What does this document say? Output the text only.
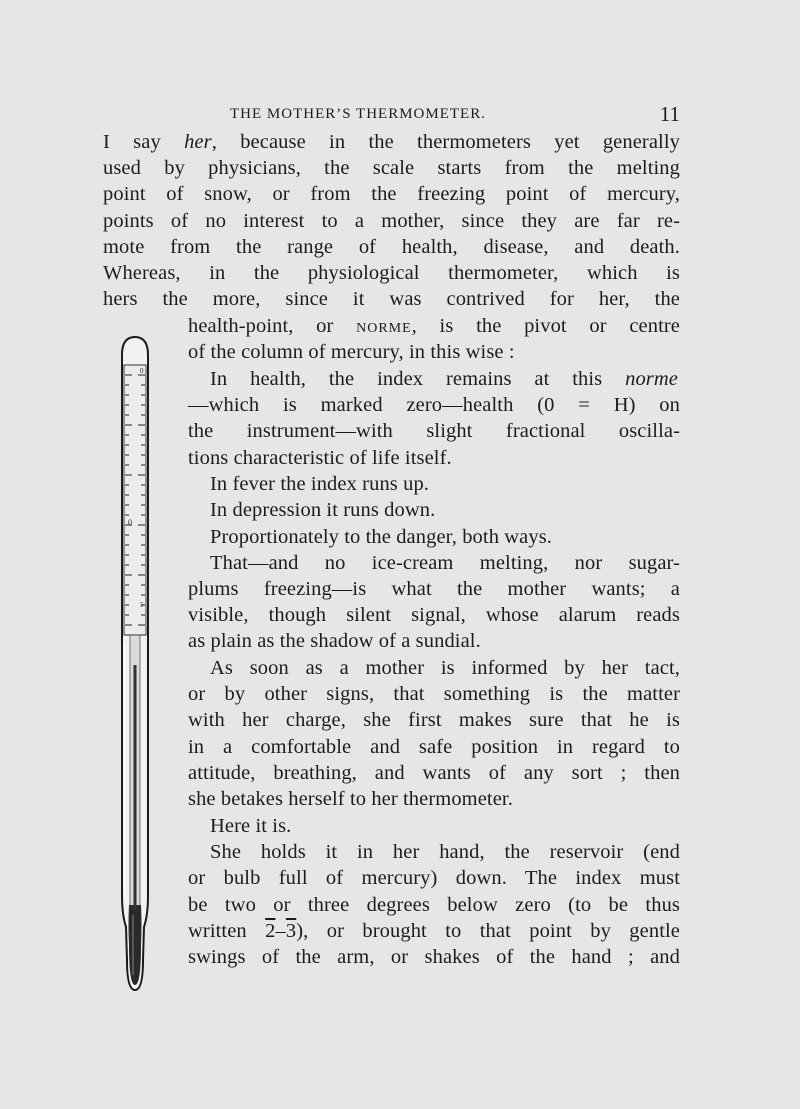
THE MOTHER’S THERMOMETER.	11
0
0
5
I say her, because in the thermometers yet generally
used by physicians, the scale starts from the melting
point of snow, or from the freezing point of mercury,
points of no interest to a mother, since they are far re-
mote from the range of health, disease, and death.
Whereas, in the physiological thermometer, which is
hers the more, since it was contrived for her, the
health-point, or norme, is the pivot or centre
of the column of mercury, in this wise :
In health, the index remains at this norme
—which is marked zero—health (0 = H) on
the instrument—with slight fractional oscilla-
tions characteristic of life itself.
In fever the index runs up.
In depression it runs down.
Proportionately to the danger, both ways.
That—and no ice-cream melting, nor sugar-
plums freezing—is what the mother wants; a
visible, though silent signal, whose alarum reads
as plain as the shadow of a sundial.
As soon as a mother is informed by her tact,
or by other signs, that something is the matter
with her charge, she first makes sure that he is
in a comfortable and safe position in regard to
attitude, breathing, and wants of any sort ; then
she betakes herself to her thermometer.
Here it is.
She holds it in her hand, the reservoir (end
or bulb full of mercury) down. The index must
be two or three degrees below zero (to be thus
written 2–3), or brought to that point by gentle
swings of the arm, or shakes of the hand ; and
